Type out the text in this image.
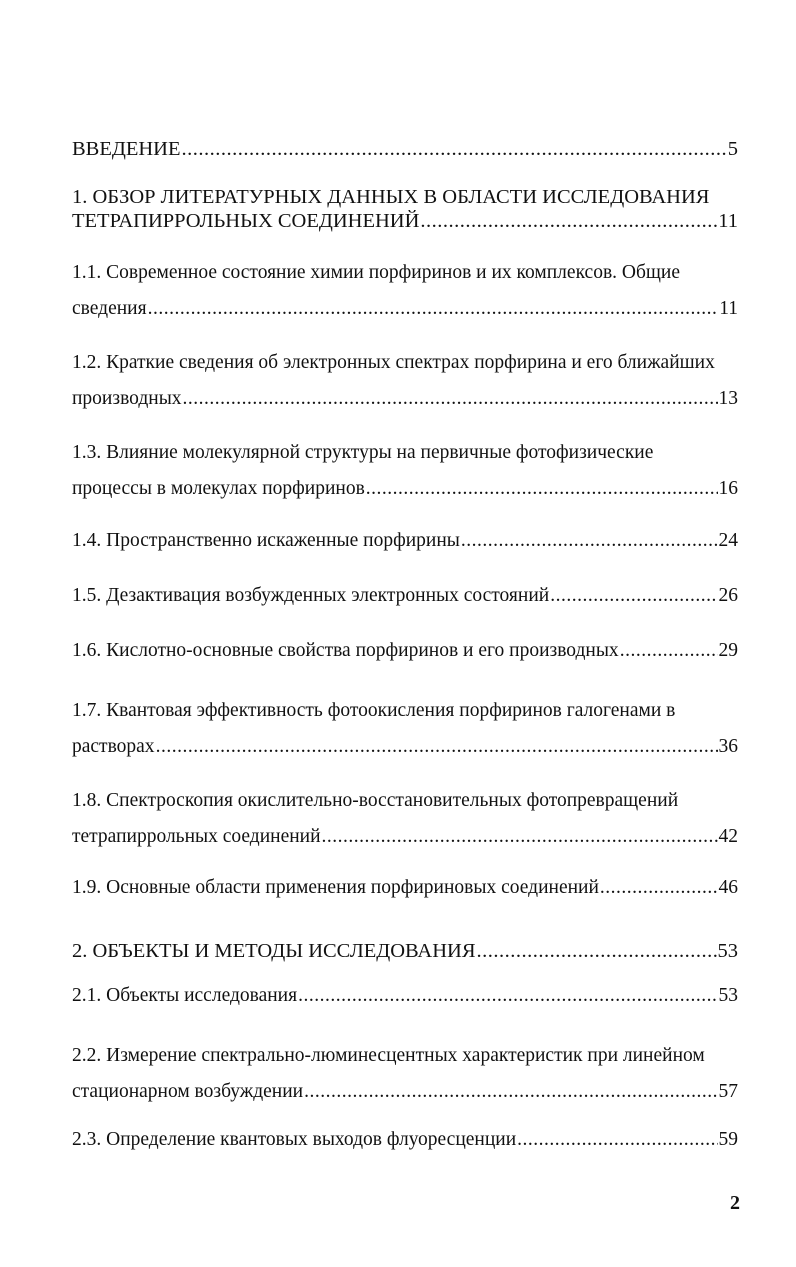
ВВЕДЕНИЕ .....	5
1. ОБЗОР ЛИТЕРАТУРНЫХ ДАННЫХ В ОБЛАСТИ ИССЛЕДОВАНИЯ
ТЕТРАПИРРОЛЬНЫХ СОЕДИНЕНИЙ .....	11
1.1. Современное состояние химии порфиринов и их комплексов. Общие
сведения .....	11
1.2. Краткие сведения об электронных спектрах порфирина и его ближайших
производных .....	13
1.3. Влияние молекулярной структуры на первичные фотофизические
процессы в молекулах порфиринов .....	16
1.4. Пространственно искаженные порфирины .....	24
1.5. Дезактивация возбужденных электронных состояний .....	26
1.6. Кислотно-основные свойства порфиринов и его производных .....	29
1.7. Квантовая эффективность фотоокисления порфиринов галогенами в
растворах .....	36
1.8. Спектроскопия окислительно-восстановительных фотопревращений
тетрапиррольных соединений .....	42
1.9. Основные области применения порфириновых соединений .....	46
2. ОБЪЕКТЫ И МЕТОДЫ ИССЛЕДОВАНИЯ .....	53
2.1. Объекты исследования .....	53
2.2. Измерение спектрально-люминесцентных характеристик при линейном
стационарном возбуждении .....	57
2.3. Определение квантовых выходов флуоресценции .....	59
2
